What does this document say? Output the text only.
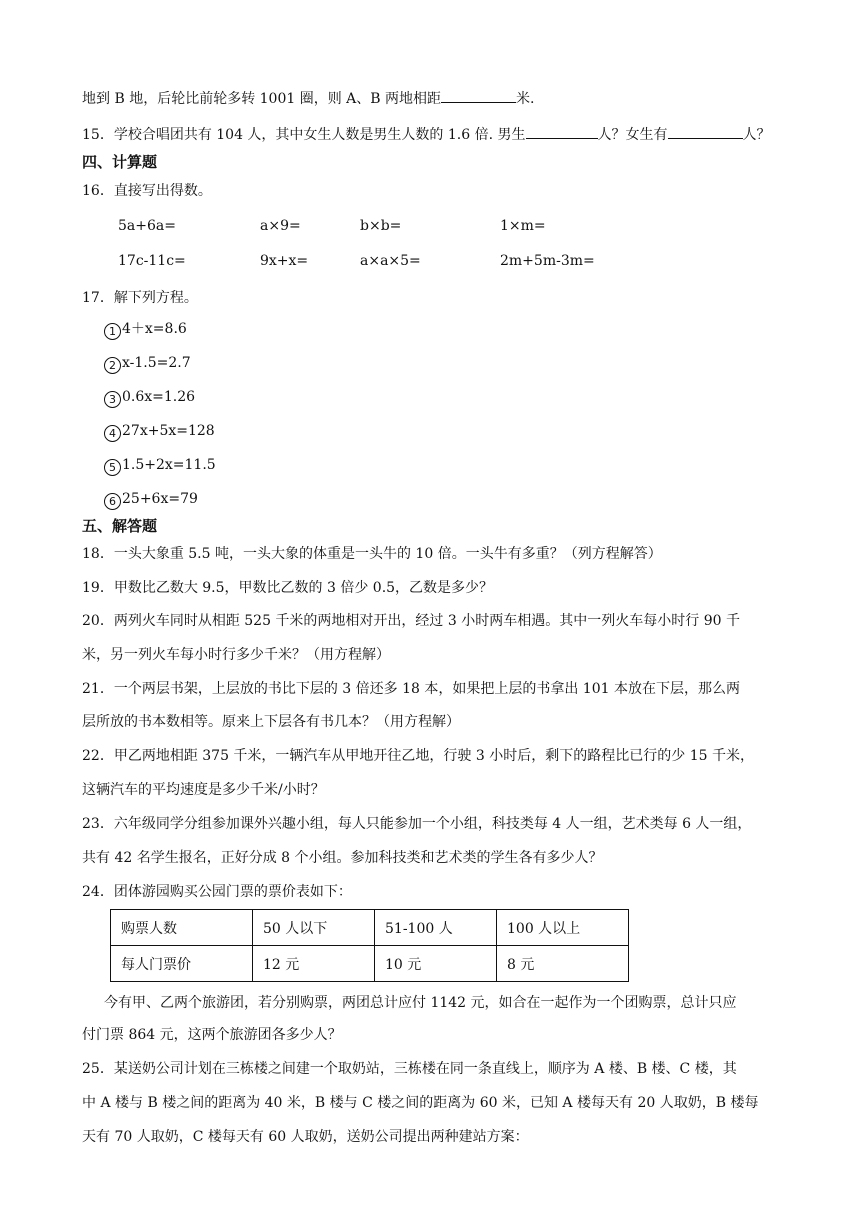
地到 B 地，后轮比前轮多转 1001 圈，则 A、B 两地相距	米.
15．学校合唱团共有 104 人，其中女生人数是男生人数的 1.6 倍. 男生	人？女生有	人？
四、计算题
16．直接写出得数。
5a+6a=	a×9=	b×b=	1×m=
17c-11c=	9x+x=	a×a×5=	2m+5m-3m=
17．解下列方程。
1 4＋x=8.6
2 x-1.5=2.7
3 0.6x=1.26
4 27x+5x=128
5 1.5+2x=11.5
6 25+6x=79
五、解答题
18．一头大象重 5.5 吨，一头大象的体重是一头牛的 10 倍。一头牛有多重？（列方程解答）
19．甲数比乙数大 9.5，甲数比乙数的 3 倍少 0.5，乙数是多少？
20．两列火车同时从相距 525 千米的两地相对开出，经过 3 小时两车相遇。其中一列火车每小时行 90 千
米，另一列火车每小时行多少千米？（用方程解）
21．一个两层书架，上层放的书比下层的 3 倍还多 18 本，如果把上层的书拿出 101 本放在下层，那么两
层所放的书本数相等。原来上下层各有书几本？（用方程解）
22．甲乙两地相距 375 千米，一辆汽车从甲地开往乙地，行驶 3 小时后，剩下的路程比已行的少 15 千米，
这辆汽车的平均速度是多少千米/小时？
23．六年级同学分组参加课外兴趣小组，每人只能参加一个小组，科技类每 4 人一组，艺术类每 6 人一组，
共有 42 名学生报名，正好分成 8 个小组。参加科技类和艺术类的学生各有多少人？
24．团体游园购买公园门票的票价表如下：
购票人数	50 人以下	51-100 人	100 人以上
每人门票价	12 元	10 元	8 元
今有甲、乙两个旅游团，若分别购票，两团总计应付 1142 元，如合在一起作为一个团购票，总计只应
付门票 864 元，这两个旅游团各多少人？
25．某送奶公司计划在三栋楼之间建一个取奶站，三栋楼在同一条直线上，顺序为 A 楼、B 楼、C 楼，其
中 A 楼与 B 楼之间的距离为 40 米，B 楼与 C 楼之间的距离为 60 米，已知 A 楼每天有 20 人取奶，B 楼每
天有 70 人取奶，C 楼每天有 60 人取奶，送奶公司提出两种建站方案：
